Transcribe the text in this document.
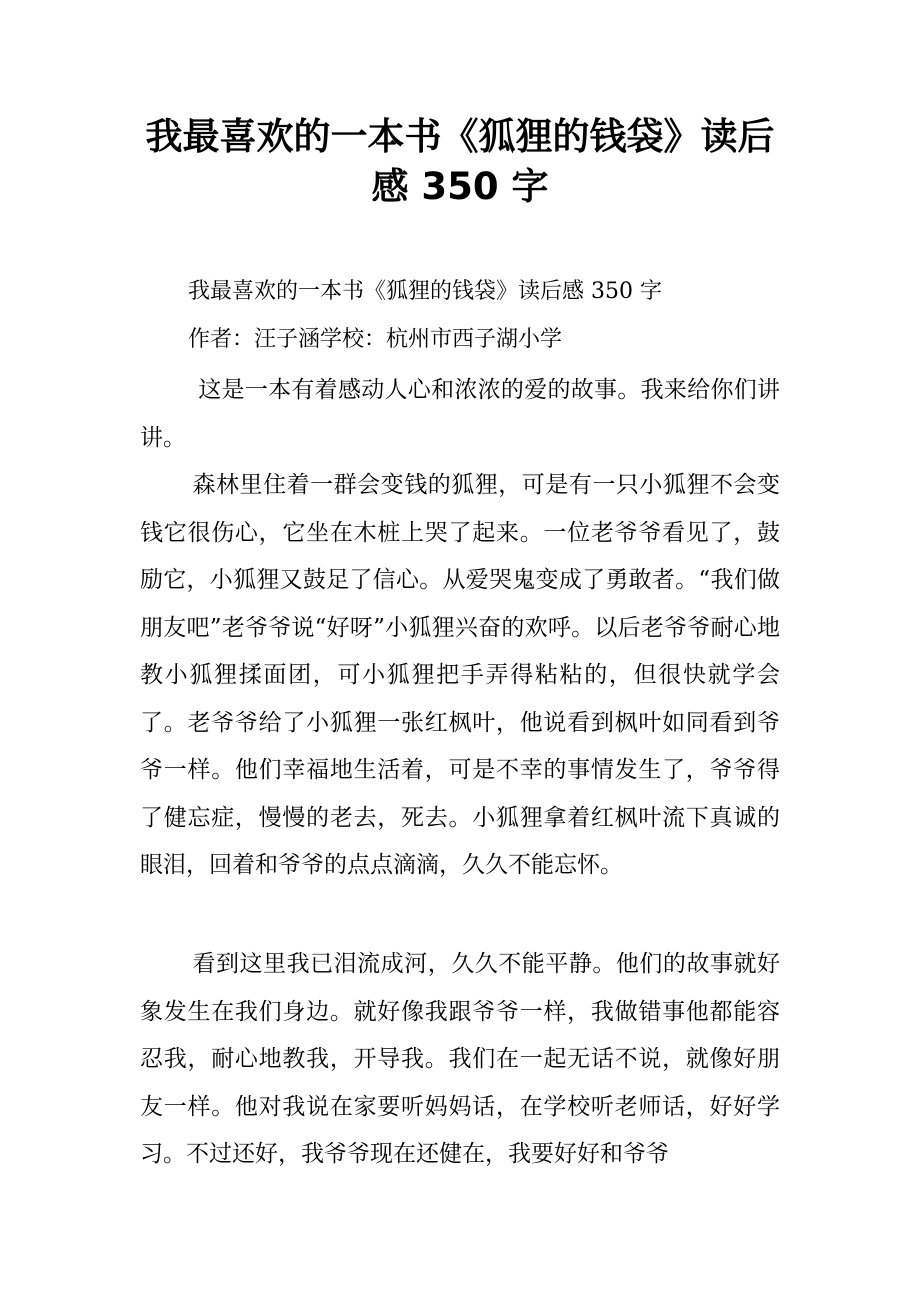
我最喜欢的一本书《狐狸的钱袋》读后
感 350 字
我最喜欢的一本书《狐狸的钱袋》读后感 350 字
作者：汪子涵学校：杭州市西子湖小学

这是一本有着感动人心和浓浓的爱的故事。我来给你们讲讲。

森林里住着一群会变钱的狐狸，可是有一只小狐狸不会变钱它很伤心，它坐在木桩上哭了起来。一位老爷爷看见了，鼓励它，小狐狸又鼓足了信心。从爱哭鬼变成了勇敢者。“我们做朋友吧”老爷爷说“好呀”小狐狸兴奋的欢呼。以后老爷爷耐心地教小狐狸揉面团，可小狐狸把手弄得粘粘的，但很快就学会了。老爷爷给了小狐狸一张红枫叶，他说看到枫叶如同看到爷爷一样。他们幸福地生活着，可是不幸的事情发生了，爷爷得了健忘症，慢慢的老去，死去。小狐狸拿着红枫叶流下真诚的眼泪，回着和爷爷的点点滴滴，久久不能忘怀。

看到这里我已泪流成河，久久不能平静。他们的故事就好象发生在我们身边。就好像我跟爷爷一样，我做错事他都能容忍我，耐心地教我，开导我。我们在一起无话不说，就像好朋友一样。他对我说在家要听妈妈话，在学校听老师话，好好学习。不过还好，我爷爷现在还健在，我要好好和爷爷
